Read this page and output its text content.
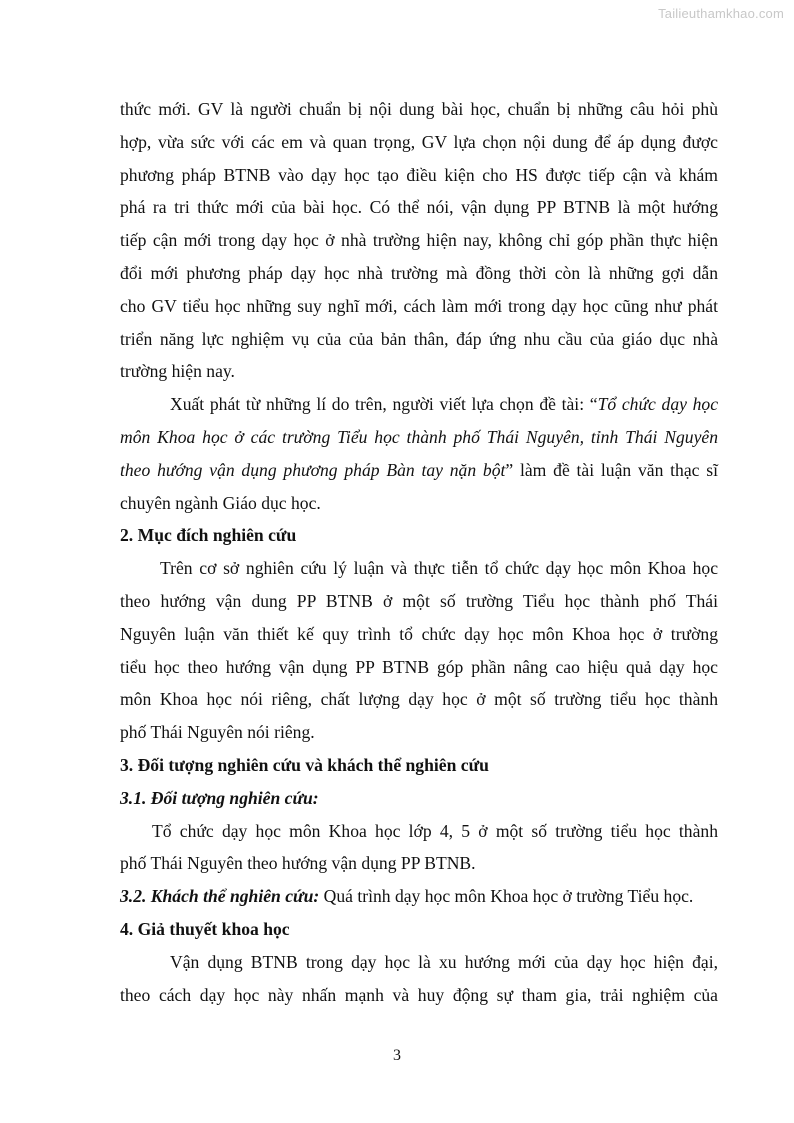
Tailieuthamkhao.com
thức mới. GV là người chuẩn bị nội dung bài học, chuẩn bị những câu hỏi phù
hợp, vừa sức với các em và quan trọng, GV lựa chọn nội dung để áp dụng được
phương pháp BTNB vào dạy học tạo điều kiện cho HS được tiếp cận và khám
phá ra tri thức mới của bài học. Có thể nói, vận dụng PP BTNB là một hướng
tiếp cận mới trong dạy học ở nhà trường hiện nay, không chỉ góp phần thực hiện
đổi mới phương pháp dạy học nhà trường mà đồng thời còn là những gợi dẫn
cho GV tiểu học những suy nghĩ mới, cách làm mới trong dạy học cũng như phát
triển năng lực nghiệm vụ của của bản thân, đáp ứng nhu cầu của giáo dục nhà
trường hiện nay.
Xuất phát từ những lí do trên, người viết lựa chọn đề tài: “Tổ chức dạy học
môn Khoa học ở các trường Tiểu học thành phố Thái Nguyên, tỉnh Thái Nguyên
theo hướng vận dụng phương pháp Bàn tay nặn bột” làm đề tài luận văn thạc sĩ
chuyên ngành Giáo dục học.
2. Mục đích nghiên cứu
Trên cơ sở nghiên cứu lý luận và thực tiễn tổ chức dạy học môn Khoa học
theo hướng vận dung PP BTNB ở một số trường Tiểu học thành phố Thái
Nguyên luận văn thiết kế quy trình tổ chức dạy học môn Khoa học ở trường
tiểu học theo hướng vận dụng PP BTNB góp phần nâng cao hiệu quả dạy học
môn Khoa học nói riêng, chất lượng dạy học ở một số trường tiểu học thành
phố Thái Nguyên nói riêng.
3. Đối tượng nghiên cứu và khách thể nghiên cứu
3.1. Đối tượng nghiên cứu:
Tổ chức dạy học môn Khoa học lớp 4, 5 ở một số trường tiểu học thành
phố Thái Nguyên theo hướng vận dụng PP BTNB.
3.2. Khách thể nghiên cứu: Quá trình dạy học môn Khoa học ở trường Tiểu học.
4. Giả thuyết khoa học
Vận dụng BTNB trong dạy học là xu hướng mới của dạy học hiện đại,
theo cách dạy học này nhấn mạnh và huy động sự tham gia, trải nghiệm của
3
